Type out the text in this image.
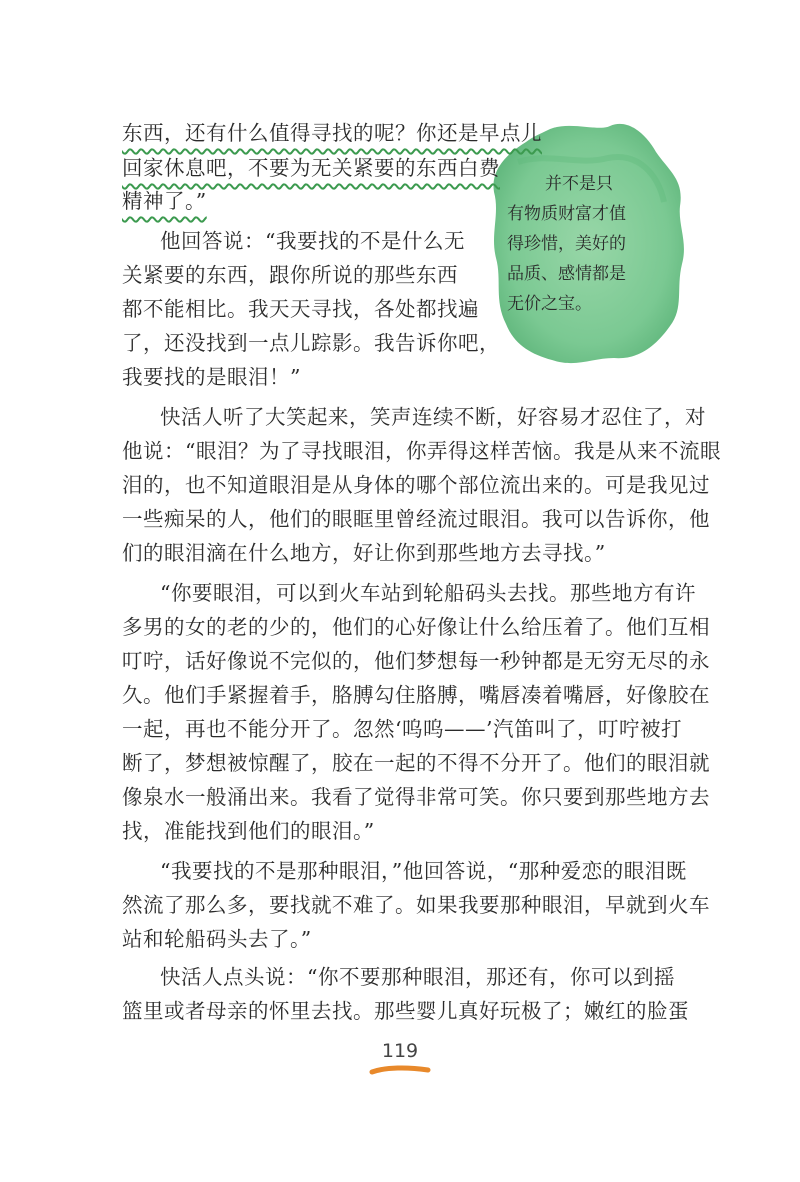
并不是只
有物质财富才值
得珍惜，美好的
品质、感情都是
无价之宝。
东西，还有什么值得寻找的呢？你还是早点儿
回家休息吧，不要为无关紧要的东西白费
精神了。”
他回答说：“我要找的不是什么无
关紧要的东西，跟你所说的那些东西
都不能相比。我天天寻找，各处都找遍
了，还没找到一点儿踪影。我告诉你吧，
我要找的是眼泪！”
快活人听了大笑起来，笑声连续不断，好容易才忍住了，对
他说：“眼泪？为了寻找眼泪，你弄得这样苦恼。我是从来不流眼
泪的，也不知道眼泪是从身体的哪个部位流出来的。可是我见过
一些痴呆的人，他们的眼眶里曾经流过眼泪。我可以告诉你，他
们的眼泪滴在什么地方，好让你到那些地方去寻找。”
“你要眼泪，可以到火车站到轮船码头去找。那些地方有许
多男的女的老的少的，他们的心好像让什么给压着了。他们互相
叮咛，话好像说不完似的，他们梦想每一秒钟都是无穷无尽的永
久。他们手紧握着手，胳膊勾住胳膊，嘴唇凑着嘴唇，好像胶在
一起，再也不能分开了。忽然‘呜呜——’汽笛叫了，叮咛被打
断了，梦想被惊醒了，胶在一起的不得不分开了。他们的眼泪就
像泉水一般涌出来。我看了觉得非常可笑。你只要到那些地方去
找，准能找到他们的眼泪。”
“我要找的不是那种眼泪，”他回答说，“那种爱恋的眼泪既
然流了那么多，要找就不难了。如果我要那种眼泪，早就到火车
站和轮船码头去了。”
快活人点头说：“你不要那种眼泪，那还有，你可以到摇
篮里或者母亲的怀里去找。那些婴儿真好玩极了；嫩红的脸蛋
119
